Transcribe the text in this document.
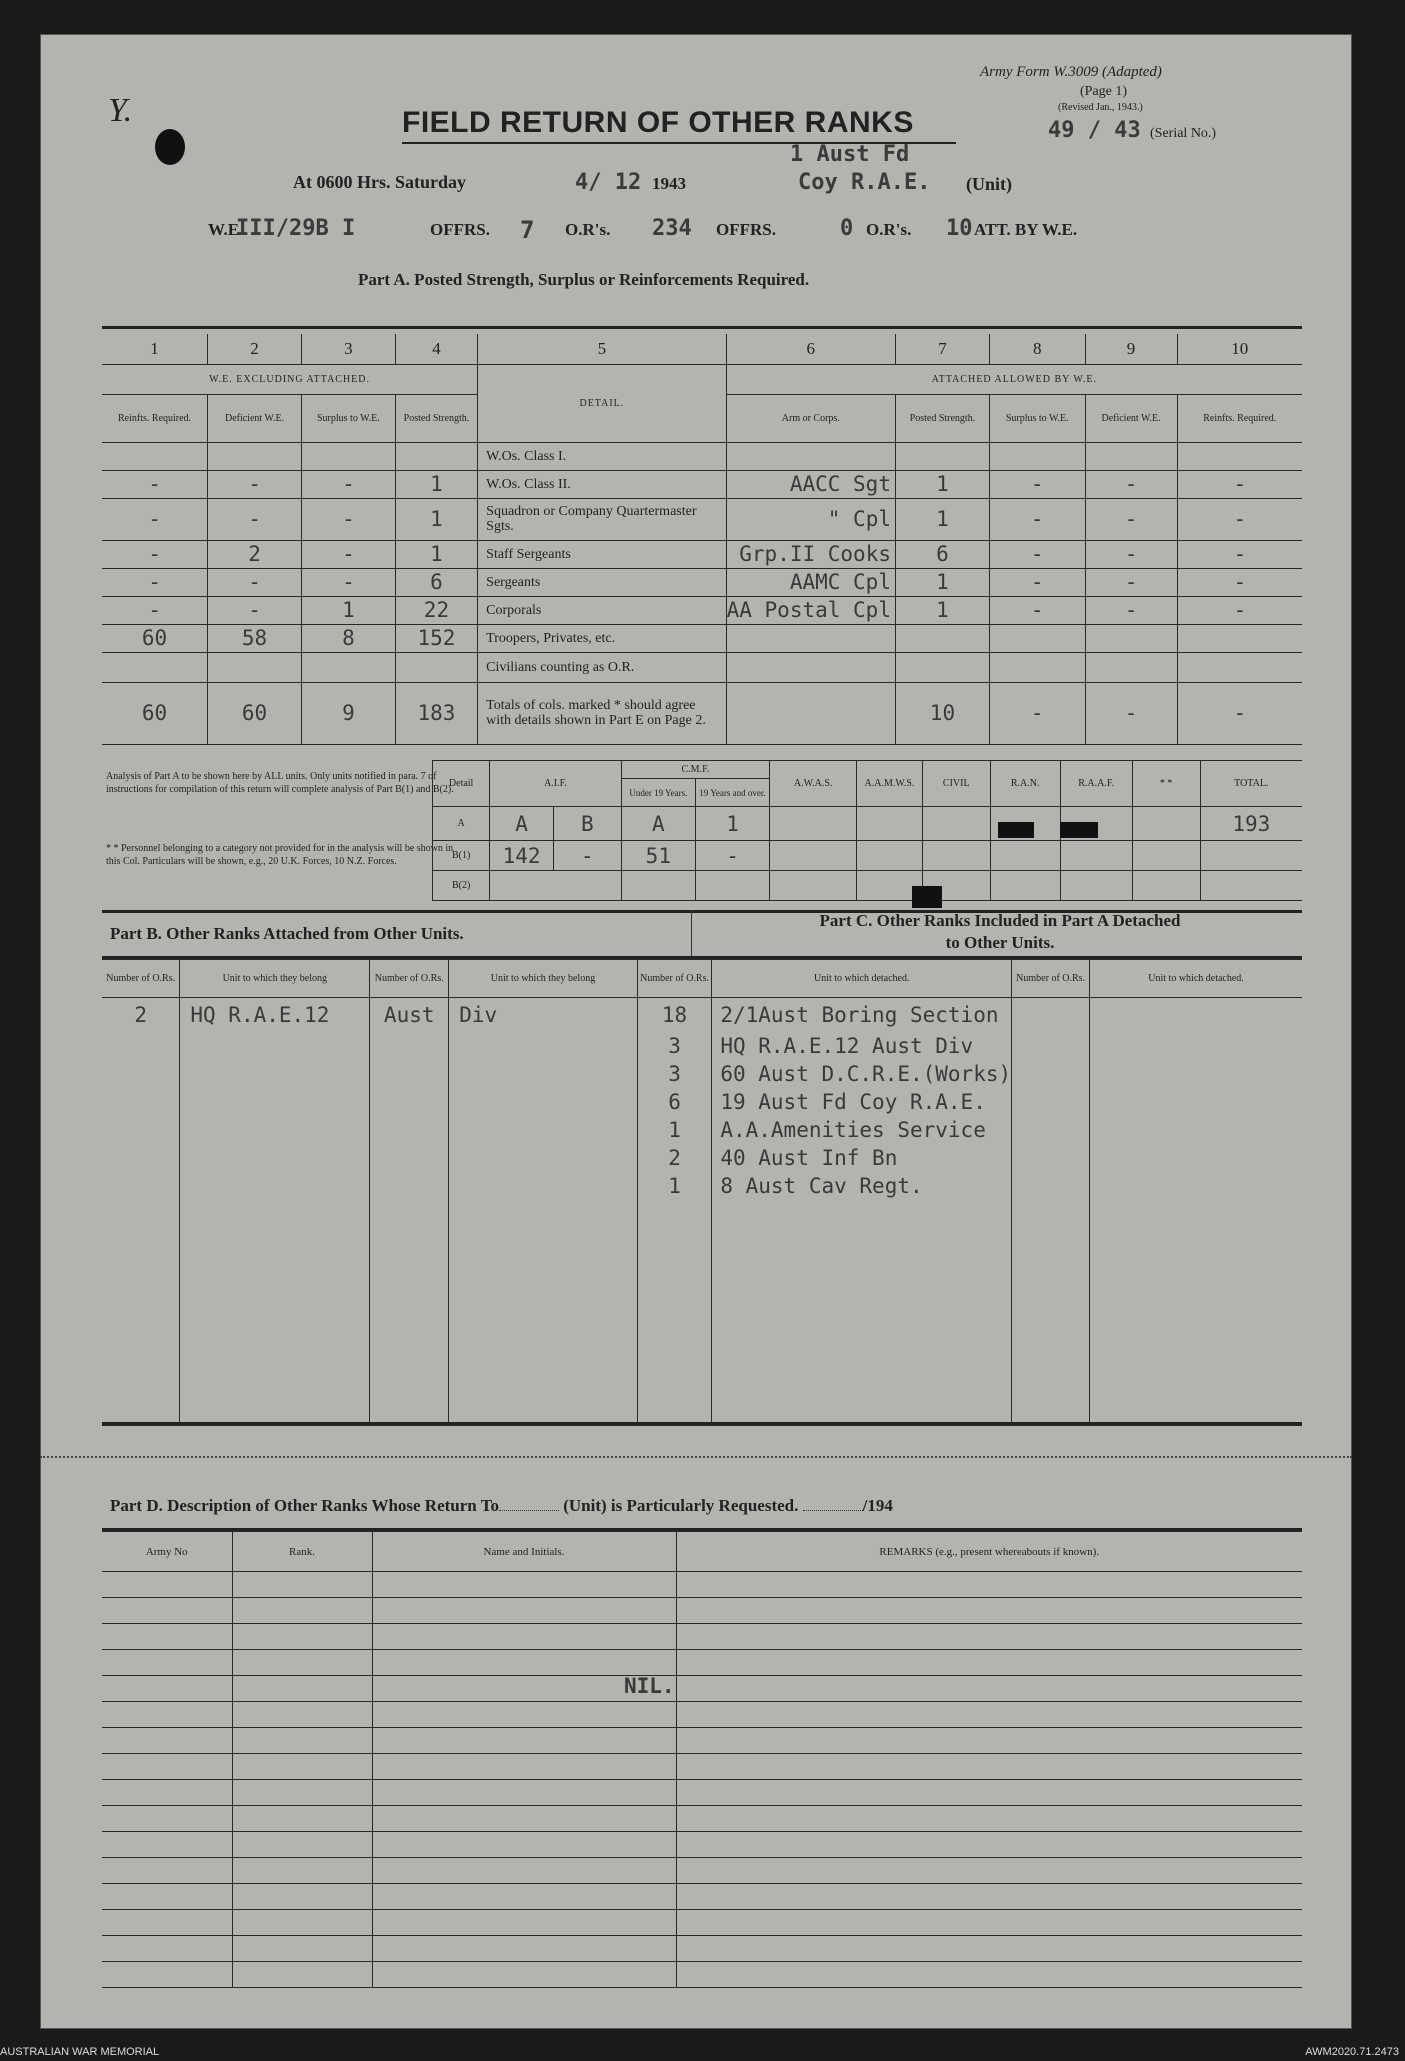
Y.
Army Form W.3009 (Adapted)
(Page 1)
(Revised Jan., 1943.)
49 / 43 (Serial No.)
FIELD RETURN OF OTHER RANKS
1 Aust Fd
At 0600 Hrs. Saturday	4/ 12 1943	Coy R.A.E. (Unit)
W.E.
III/29B I	OFFRS. 7 O.R's. 234 OFFRS.	0 O.R's. 10 ATT. BY W.E.
Part A. Posted Strength, Surplus or Reinforcements Required.
1	2	3	4	5	6	7	8	9	10
W.E. EXCLUDING ATTACHED.				DETAIL.	ATTACHED ALLOWED BY W.E.				
Reinfts. Required.	Deficient W.E.	Surplus to W.E.	Posted Strength.		Arm or Corps.	Posted Strength.	Surplus to W.E.	Deficient W.E.	Reinfts. Required.
				W.Os. Class I.					
-	-	-	1	W.Os. Class II.	AACC Sgt	1	-	-	-
-	-	-	1	Squadron or Company Quartermaster Sgts.	" Cpl	1	-	-	-
-	2	-	1	Staff Sergeants	Grp.II Cooks	6	-	-	-
-	-	-	6	Sergeants	AAMC Cpl	1	-	-	-
-	-	1	22	Corporals	AA Postal Cpl	1	-	-	-
60	58	8	152	Troopers, Privates, etc.					
				Civilians counting as O.R.					
60	60	9	183	Totals of cols. marked * should agree with details shown in Part E on Page 2.		10	-	-	-
Analysis of Part A to be shown here by ALL units. Only units notified in para. 7 of instructions for compilation of this return will complete analysis of Part B(1) and B(2).
* * Personnel belonging to a category not provided for in the analysis will be shown in this Col. Particulars will be shown, e.g., 20 U.K. Forces, 10 N.Z. Forces.
Detail	A.I.F.		C.M.F.		A.W.A.S.	A.A.M.W.S.	CIVIL	R.A.N.	R.A.A.F.	* *	TOTAL.
			Under 19 Years.	19 Years and over.							
A	A	B	A	1							193
B(1)	142	-	51	-							
B(2)											
Part B. Other Ranks Attached from Other Units.
Part C. Other Ranks Included in Part A Detached
to Other Units.
Number of O.Rs.	Unit to which they belong	Number of O.Rs.	Unit to which they belong	Number of O.Rs.	Unit to which detached.	Number of O.Rs.	Unit to which detached.
2	HQ R.A.E.12	Aust	Div	18	2/1Aust Boring Section		
				3	HQ R.A.E.12 Aust Div		
				3	60 Aust D.C.R.E.(Works)		
				6	19 Aust Fd Coy R.A.E.		
				1	A.A.Amenities Service		
				2	40 Aust Inf Bn		
				1	8 Aust Cav Regt.		

Part D. Description of Other Ranks Whose Return To	(Unit) is Particularly Requested.	/194
Army No	Rank.	Name and Initials.	REMARKS (e.g., present whereabouts if known).

NIL.
AUSTRALIAN WAR MEMORIAL	AWM2020.71.2473
